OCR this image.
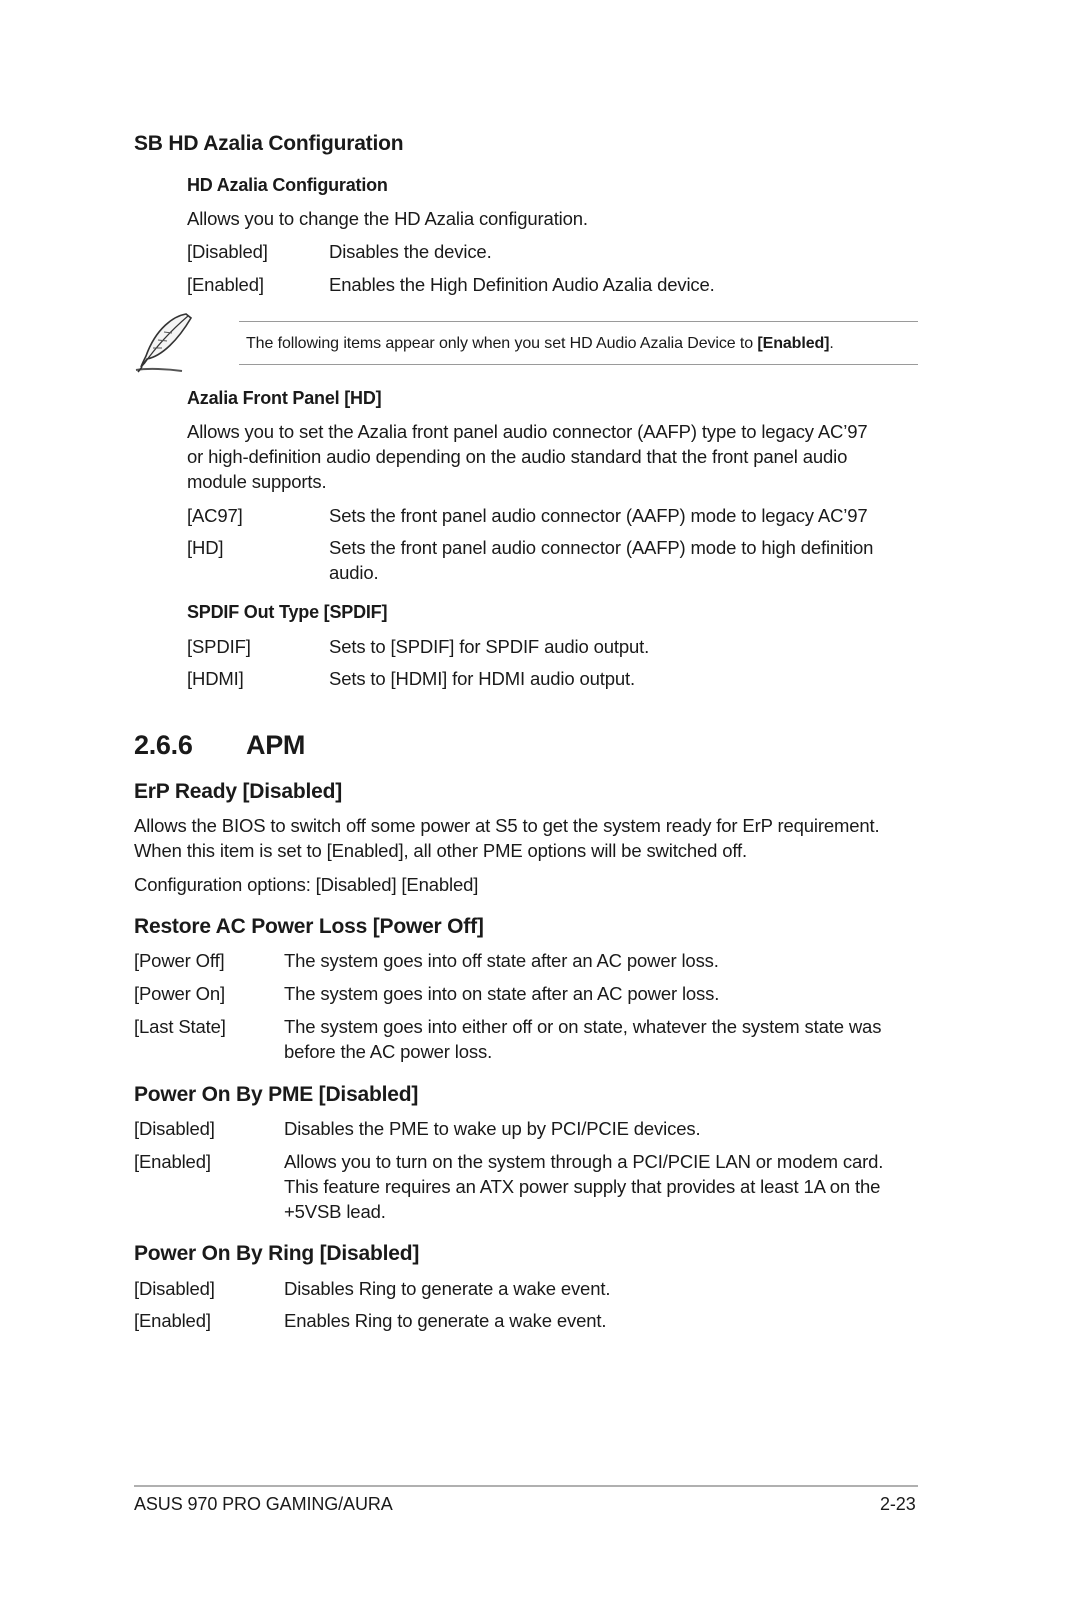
SB HD Azalia Configuration
HD Azalia Configuration
Allows you to change the HD Azalia configuration.
[Disabled]	Disables the device.
[Enabled]	Enables the High Definition Audio Azalia device.
The following items appear only when you set HD Audio Azalia Device to [Enabled].
Azalia Front Panel [HD]
Allows you to set the Azalia front panel audio connector (AAFP) type to legacy AC’97
or high-definition audio depending on the audio standard that the front panel audio
module supports.
[AC97]	Sets the front panel audio connector (AAFP) mode to legacy AC’97
[HD]	Sets the front panel audio connector (AAFP) mode to high definition
audio.
SPDIF Out Type [SPDIF]
[SPDIF]	Sets to [SPDIF] for SPDIF audio output.
[HDMI]	Sets to [HDMI] for HDMI audio output.
2.6.6 APM
ErP Ready [Disabled]
Allows the BIOS to switch off some power at S5 to get the system ready for ErP requirement.
When this item is set to [Enabled], all other PME options will be switched off.
Configuration options: [Disabled] [Enabled]
Restore AC Power Loss [Power Off]
[Power Off]	The system goes into off state after an AC power loss.
[Power On]	The system goes into on state after an AC power loss.
[Last State]	The system goes into either off or on state, whatever the system state was
before the AC power loss.
Power On By PME [Disabled]
[Disabled]	Disables the PME to wake up by PCI/PCIE devices.
[Enabled]	Allows you to turn on the system through a PCI/PCIE LAN or modem card.
This feature requires an ATX power supply that provides at least 1A on the
+5VSB lead.
Power On By Ring [Disabled]
[Disabled]	Disables Ring to generate a wake event.
[Enabled]	Enables Ring to generate a wake event.
ASUS 970 PRO GAMING/AURA	2-23
